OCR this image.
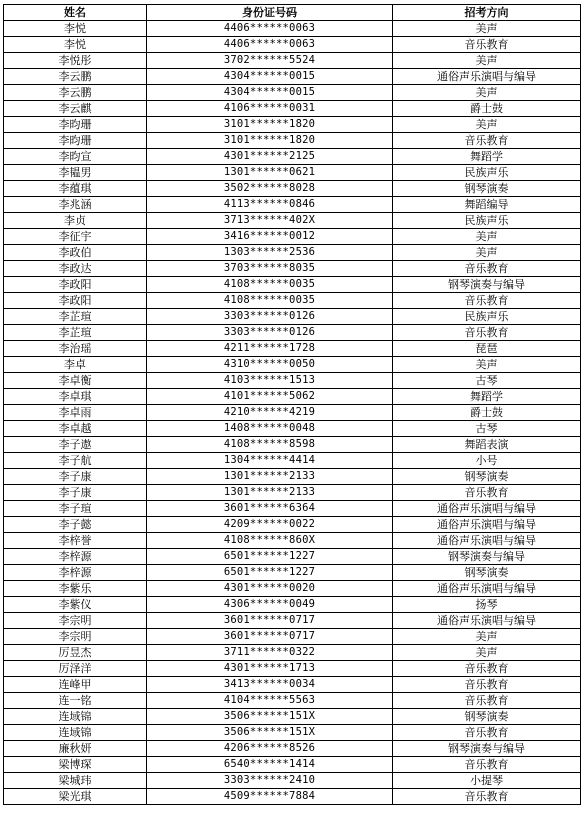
姓名	身份证号码	招考方向
李悦	4406******0063	美声
李悦	4406******0063	音乐教育
李悦彤	3702******5524	美声
李云鹏	4304******0015	通俗声乐演唱与编导
李云鹏	4304******0015	美声
李云麒	4106******0031	爵士鼓
李昀珊	3101******1820	美声
李昀珊	3101******1820	音乐教育
李昀宣	4301******2125	舞蹈学
李韫男	1301******0621	民族声乐
李蕴琪	3502******8028	钢琴演奏
李兆涵	4113******0846	舞蹈编导
李贞	3713******402X	民族声乐
李征宇	3416******0012	美声
李政伯	1303******2536	美声
李政达	3703******8035	音乐教育
李政阳	4108******0035	钢琴演奏与编导
李政阳	4108******0035	音乐教育
李芷瑄	3303******0126	民族声乐
李芷瑄	3303******0126	音乐教育
李治瑶	4211******1728	琵琶
李卓	4310******0050	美声
李卓衡	4103******1513	古琴
李卓琪	4101******5062	舞蹈学
李卓雨	4210******4219	爵士鼓
李卓越	1408******0048	古琴
李子遨	4108******8598	舞蹈表演
李子航	1304******4414	小号
李子康	1301******2133	钢琴演奏
李子康	1301******2133	音乐教育
李子瑄	3601******6364	通俗声乐演唱与编导
李子懿	4209******0022	通俗声乐演唱与编导
李梓誉	4108******860X	通俗声乐演唱与编导
李梓源	6501******1227	钢琴演奏与编导
李梓源	6501******1227	钢琴演奏
李紫乐	4301******0020	通俗声乐演唱与编导
李紫仪	4306******0049	扬琴
李宗明	3601******0717	通俗声乐演唱与编导
李宗明	3601******0717	美声
厉昱杰	3711******0322	美声
厉泽洋	4301******1713	音乐教育
连峰甲	3413******0034	音乐教育
连一铭	4104******5563	音乐教育
连域锦	3506******151X	钢琴演奏
连域锦	3506******151X	音乐教育
廉秋妍	4206******8526	钢琴演奏与编导
梁博琛	6540******1414	音乐教育
梁城玮	3303******2410	小提琴
梁光琪	4509******7884	音乐教育
